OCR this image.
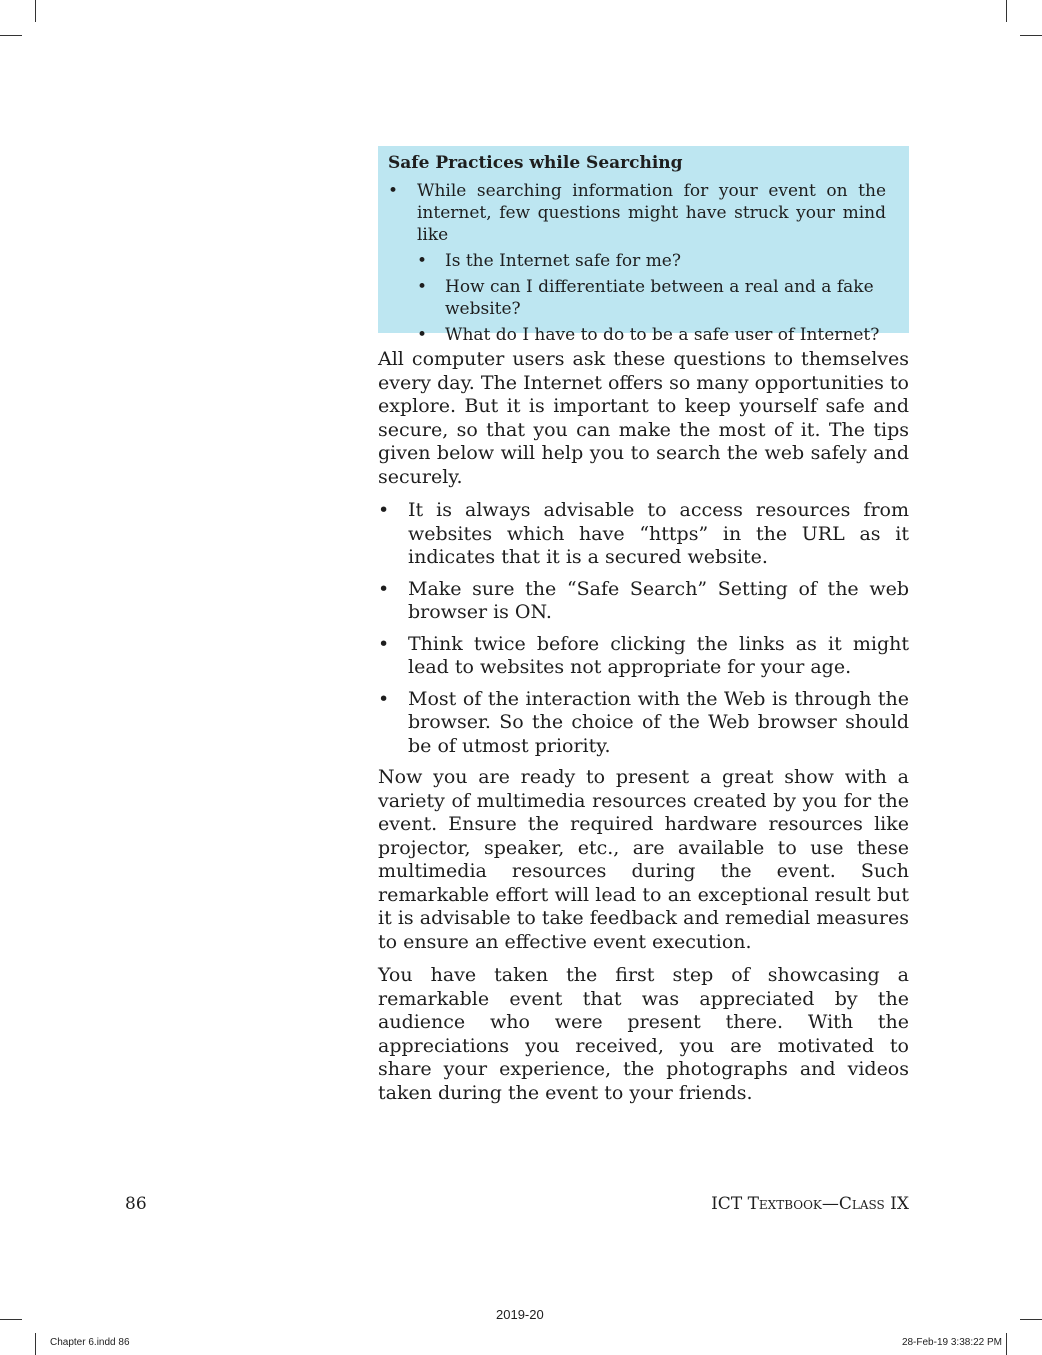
Safe Practices while Searching
• While searching information for your event on the internet, few questions might have struck your mind like
• Is the Internet safe for me?
• How can I differentiate between a real and a fake website?
• What do I have to do to be a safe user of Internet?

All computer users ask these questions to themselves every day. The Internet offers so many opportunities to explore. But it is important to keep yourself safe and secure, so that you can make the most of it. The tips given below will help you to search the web safely and securely.

• It is always advisable to access resources from websites which have “https” in the URL as it indicates that it is a secured website.
• Make sure the “Safe Search” Setting of the web browser is ON.
• Think twice before clicking the links as it might lead to websites not appropriate for your age.
• Most of the interaction with the Web is through the browser. So the choice of the Web browser should be of utmost priority.

Now you are ready to present a great show with a variety of multimedia resources created by you for the event. Ensure the required hardware resources like projector, speaker, etc., are available to use these multimedia resources during the event. Such remarkable effort will lead to an exceptional result but it is advisable to take feedback and remedial measures to ensure an effective event execution.

You have taken the first step of showcasing a remarkable event that was appreciated by the audience who were present there. With the appreciations you received, you are motivated to share your experience, the photographs and videos taken during the event to your friends.

86	ICT Textbook—Class IX
2019-20
Chapter 6.indd 86	28-Feb-19 3:38:22 PM
